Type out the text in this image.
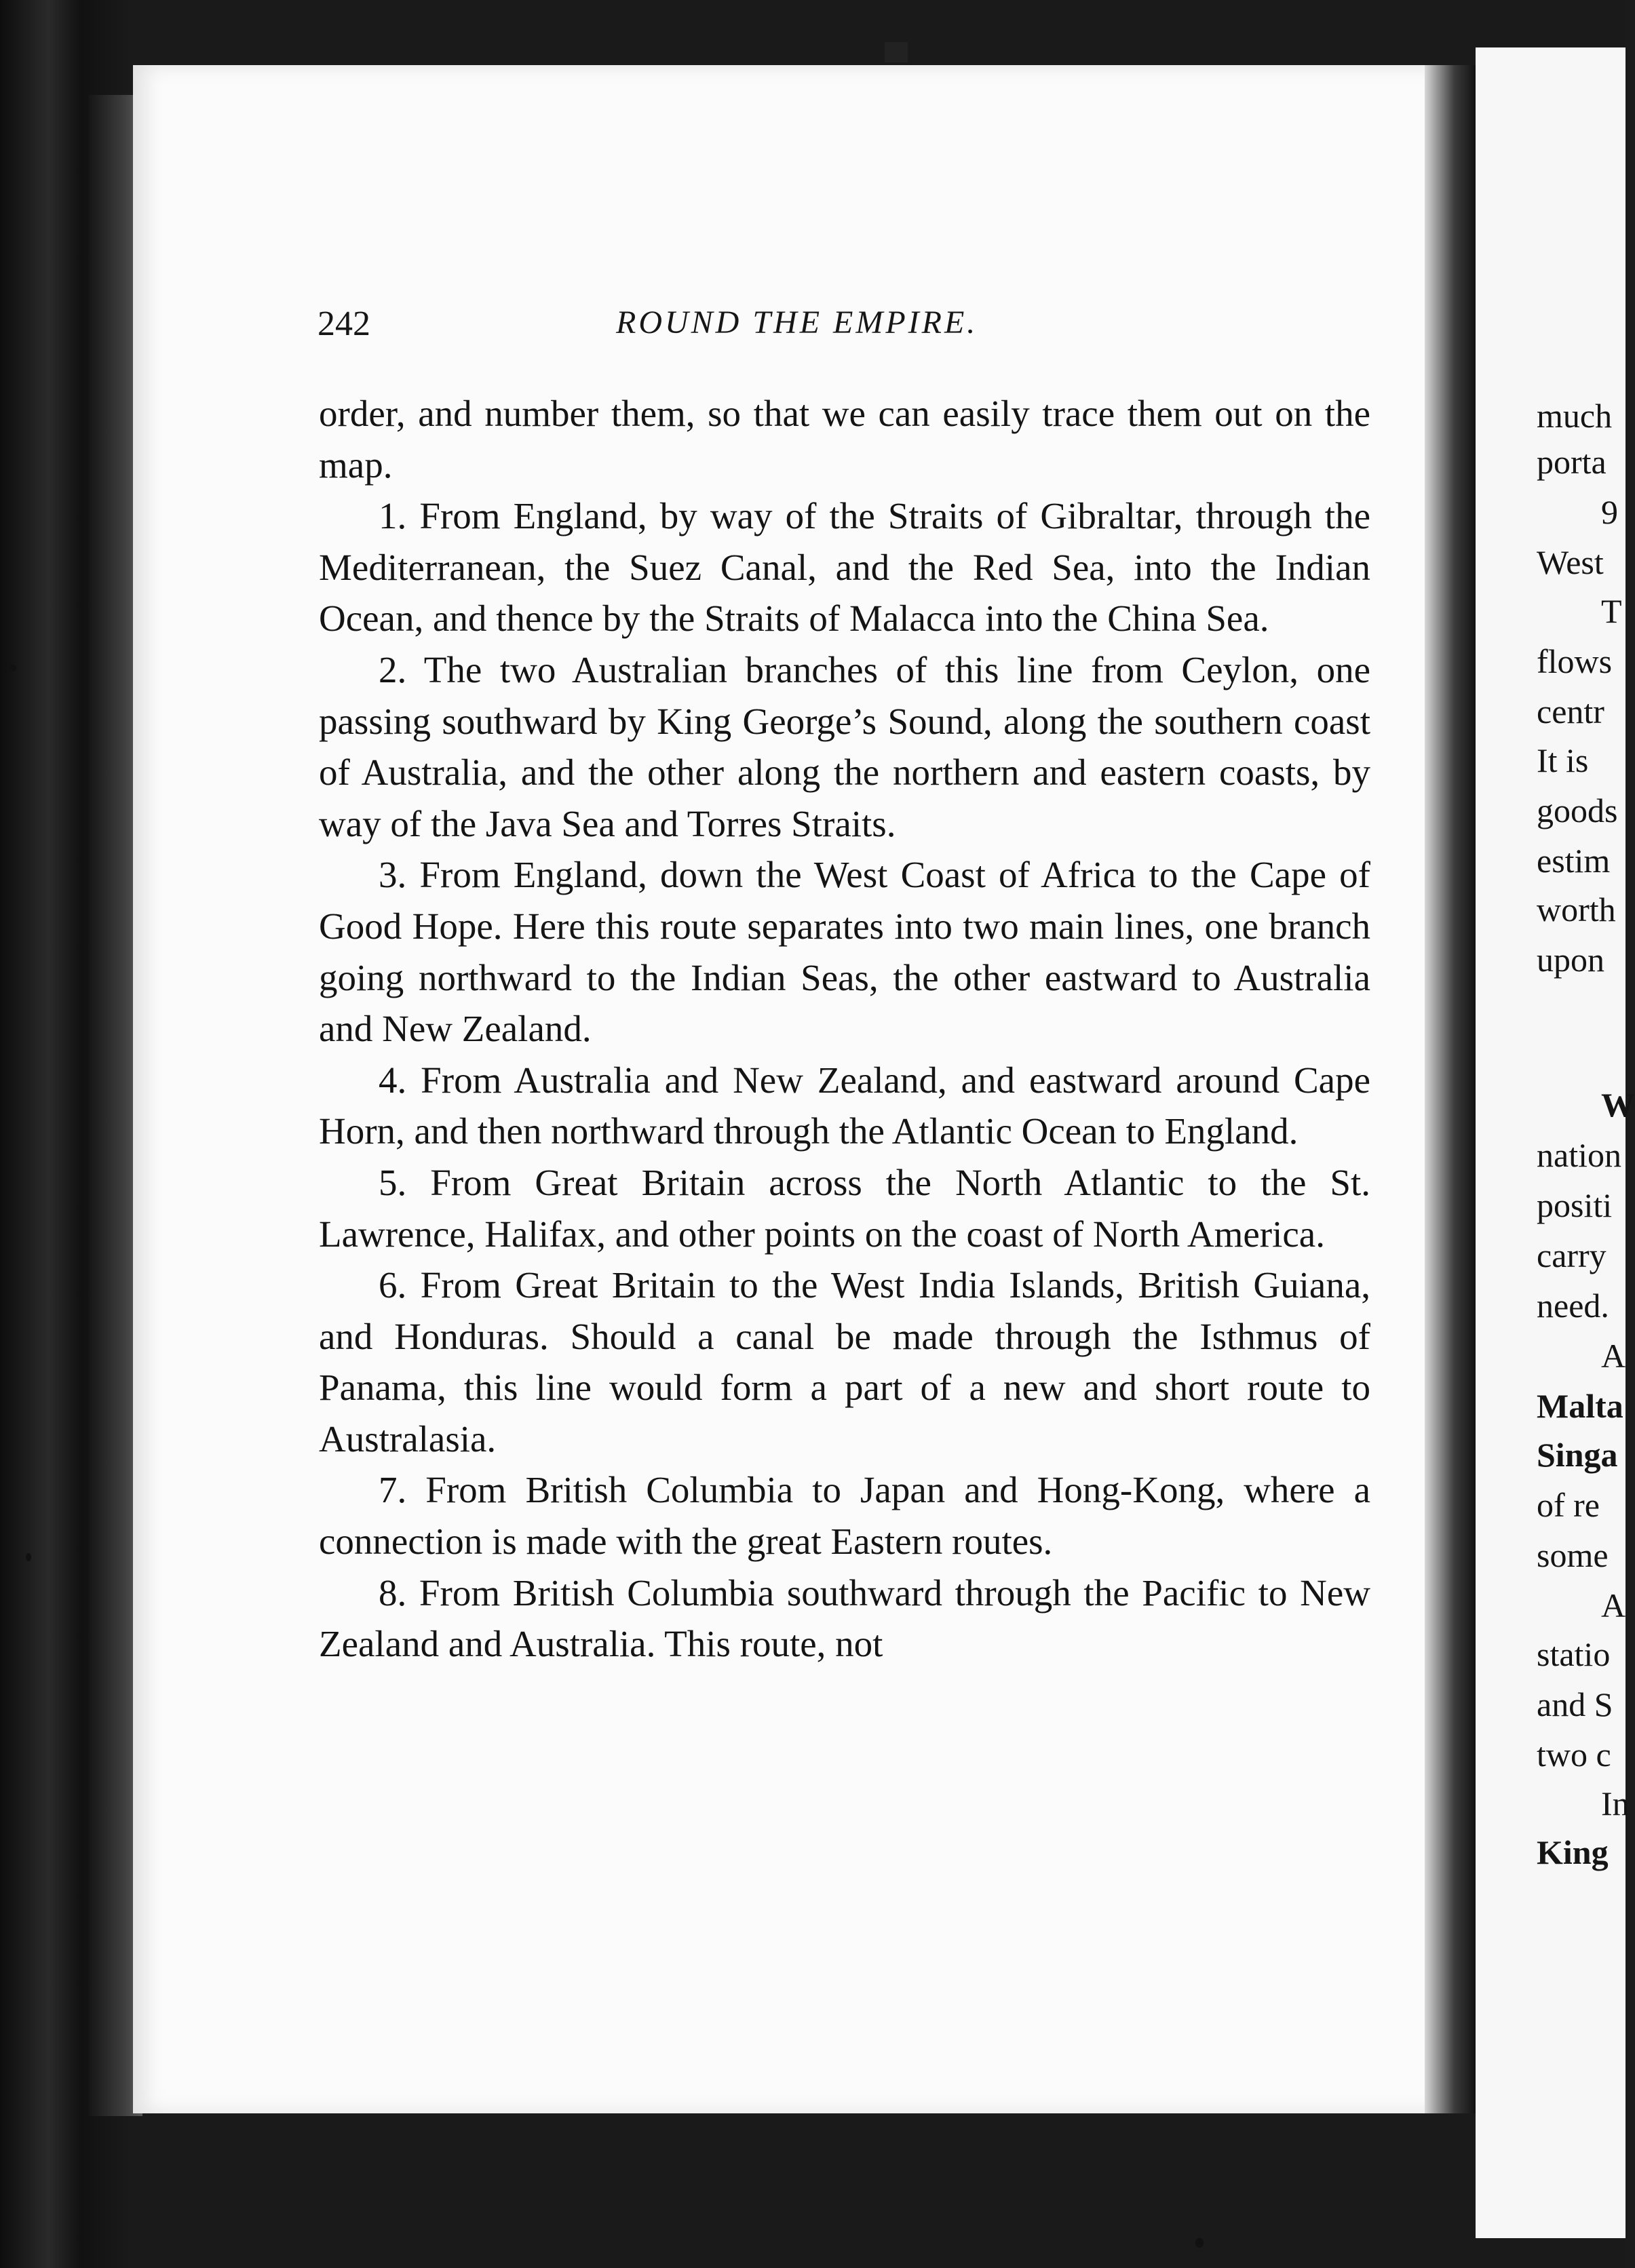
242	ROUND THE EMPIRE.

order, and number them, so that we can easily trace them out on the map.

1. From England, by way of the Straits of Gibraltar, through the Mediterranean, the Suez Canal, and the Red Sea, into the Indian Ocean, and thence by the Straits of Malacca into the China Sea.

2. The two Australian branches of this line from Ceylon, one passing southward by King George’s Sound, along the southern coast of Australia, and the other along the northern and eastern coasts, by way of the Java Sea and Torres Straits.

3. From England, down the West Coast of Africa to the Cape of Good Hope. Here this route separates into two main lines, one branch going northward to the Indian Seas, the other eastward to Australia and New Zealand.

4. From Australia and New Zealand, and eastward around Cape Horn, and then northward through the Atlantic Ocean to England.

5. From Great Britain across the North Atlantic to the St. Lawrence, Halifax, and other points on the coast of North America.

6. From Great Britain to the West India Islands, British Guiana, and Honduras. Should a canal be made through the Isthmus of Panama, this line would form a part of a new and short route to Australasia.

7. From British Columbia to Japan and Hong-Kong, where a connection is made with the great Eastern routes.

8. From British Columbia southward through the Pacific to New Zealand and Australia. This route, not

much
porta
9
West
T
flows
centr
It is
goods
estim
worth
upon
W
nation
positi
carry
need.
A
Malta
Singa
of re
some
A
statio
and S
two c
In
King
